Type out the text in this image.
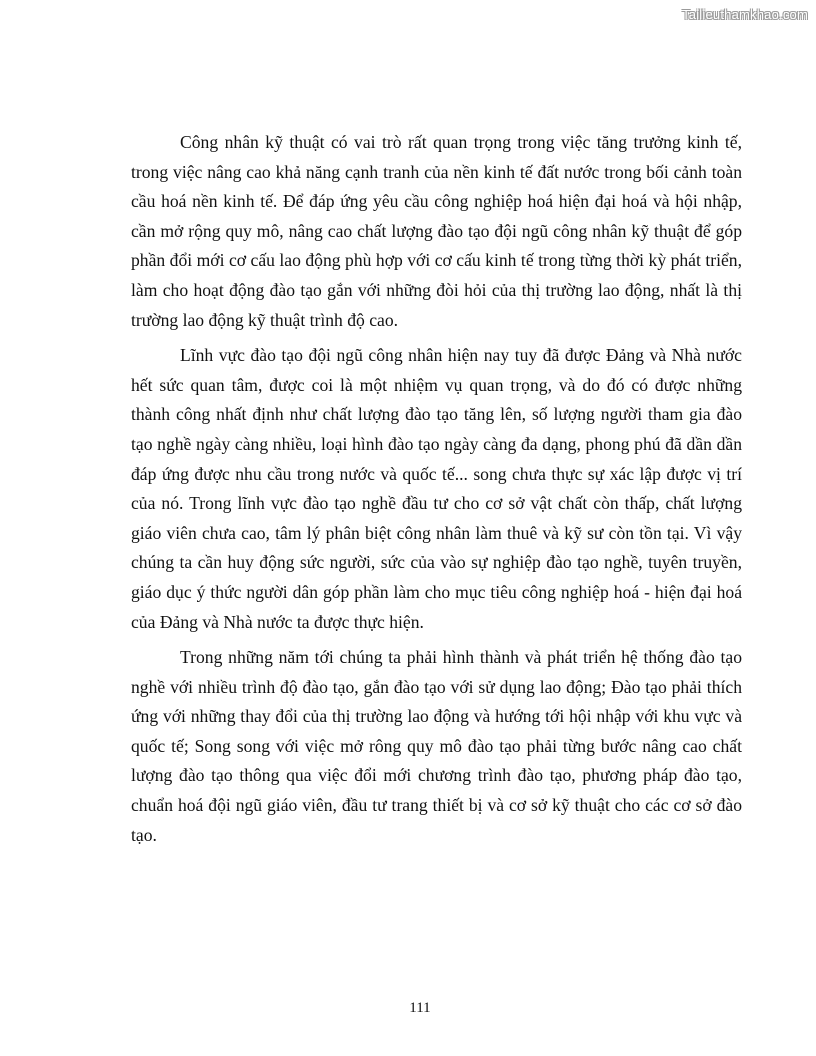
Tailieuthamkhao.com

Công nhân kỹ thuật có vai trò rất quan trọng trong việc tăng trưởng kinh tế, trong việc nâng cao khả năng cạnh tranh của nền kinh tế đất nước trong bối cảnh toàn cầu hoá nền kinh tế. Để đáp ứng yêu cầu công nghiệp hoá hiện đại hoá và hội nhập, cần mở rộng quy mô, nâng cao chất lượng đào tạo đội ngũ công nhân kỹ thuật để góp phần đổi mới cơ cấu lao động phù hợp với cơ cấu kinh tế trong từng thời kỳ phát triển, làm cho hoạt động đào tạo gắn với những đòi hỏi của thị trường lao động, nhất là thị trường lao động kỹ thuật trình độ cao.

Lĩnh vực đào tạo đội ngũ công nhân hiện nay tuy đã được Đảng và Nhà nước hết sức quan tâm, được coi là một nhiệm vụ quan trọng, và do đó có được những thành công nhất định như chất lượng đào tạo tăng lên, số lượng người tham gia đào tạo nghề ngày càng nhiều, loại hình đào tạo ngày càng đa dạng, phong phú đã dần dần đáp ứng được nhu cầu trong nước và quốc tế... song chưa thực sự xác lập được vị trí của nó. Trong lĩnh vực đào tạo nghề đầu tư cho cơ sở vật chất còn thấp, chất lượng giáo viên chưa cao, tâm lý phân biệt công nhân làm thuê và kỹ sư còn tồn tại. Vì vậy chúng ta cần huy động sức người, sức của vào sự nghiệp đào tạo nghề, tuyên truyền, giáo dục ý thức người dân góp phần làm cho mục tiêu công nghiệp hoá - hiện đại hoá của Đảng và Nhà nước ta được thực hiện.

Trong những năm tới chúng ta phải hình thành và phát triển hệ thống đào tạo nghề với nhiều trình độ đào tạo, gắn đào tạo với sử dụng lao động; Đào tạo phải thích ứng với những thay đổi của thị trường lao động và hướng tới hội nhập với khu vực và quốc tế; Song song với việc mở rông quy mô đào tạo phải từng bước nâng cao chất lượng đào tạo thông qua việc đổi mới chương trình đào tạo, phương pháp đào tạo, chuẩn hoá đội ngũ giáo viên, đầu tư trang thiết bị và cơ sở kỹ thuật cho các cơ sở đào tạo.

111
